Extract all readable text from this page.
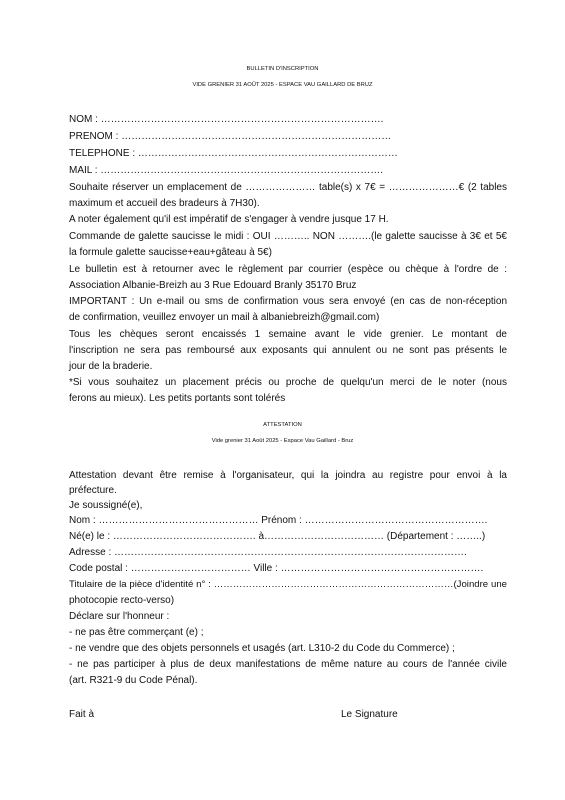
BULLETIN D'INSCRIPTION
VIDE GRENIER 31 AOÛT 2025 - ESPACE VAU GAILLARD DE BRUZ
NOM : ………………………………………………………………………….
PRENOM : ………………………………………………………………………
TELEPHONE : ……………………………………………………………………
MAIL : ………………………………………………………………………….
Souhaite réserver un emplacement de ………………… table(s) x 7€ = …………………€ (2 tables
maximum et accueil des bradeurs à 7H30).
A noter également qu'il est impératif de s'engager à vendre jusque 17 H.
Commande de galette saucisse le midi : OUI ……….. NON ……….(le galette saucisse à 3€ et 5€
la formule galette saucisse+eau+gâteau à 5€)
Le bulletin est à retourner avec le règlement par courrier (espèce ou chèque à l'ordre de :
Association Albanie-Breizh au 3 Rue Edouard Branly 35170 Bruz
IMPORTANT : Un e-mail ou sms de confirmation vous sera envoyé (en cas de non-réception
de confirmation, veuillez envoyer un mail à albaniebreizh@gmail.com)
Tous les chèques seront encaissés 1 semaine avant le vide grenier. Le montant de
l'inscription ne sera pas remboursé aux exposants qui annulent ou ne sont pas présents le
jour de la braderie.
*Si vous souhaitez un placement précis ou proche de quelqu'un merci de le noter (nous
ferons au mieux). Les petits portants sont tolérés
ATTESTATION
Vide grenier 31 Août 2025 - Espace Vau Gaillard - Bruz
Attestation devant être remise à l'organisateur, qui la joindra au registre pour envoi à la
préfecture.
Je soussigné(e),
Nom : ………………………………………… Prénom : ……………………………………………….
Né(e) le : ……………………………………. à……………………………… (Département : ……..)
Adresse : …………………………………………………………………………………………….
Code postal : ……………………………… Ville : …………………………………………………….
Titulaire de la pièce d'identité n° : …………………………………………………………………(Joindre une
photocopie recto-verso)
Déclare sur l'honneur :
- ne pas être commerçant (e) ;
- ne vendre que des objets personnels et usagés (art. L310-2 du Code du Commerce) ;
- ne pas participer à plus de deux manifestations de même nature au cours de l'année civile
(art. R321-9 du Code Pénal).
Fait à	Le Signature
